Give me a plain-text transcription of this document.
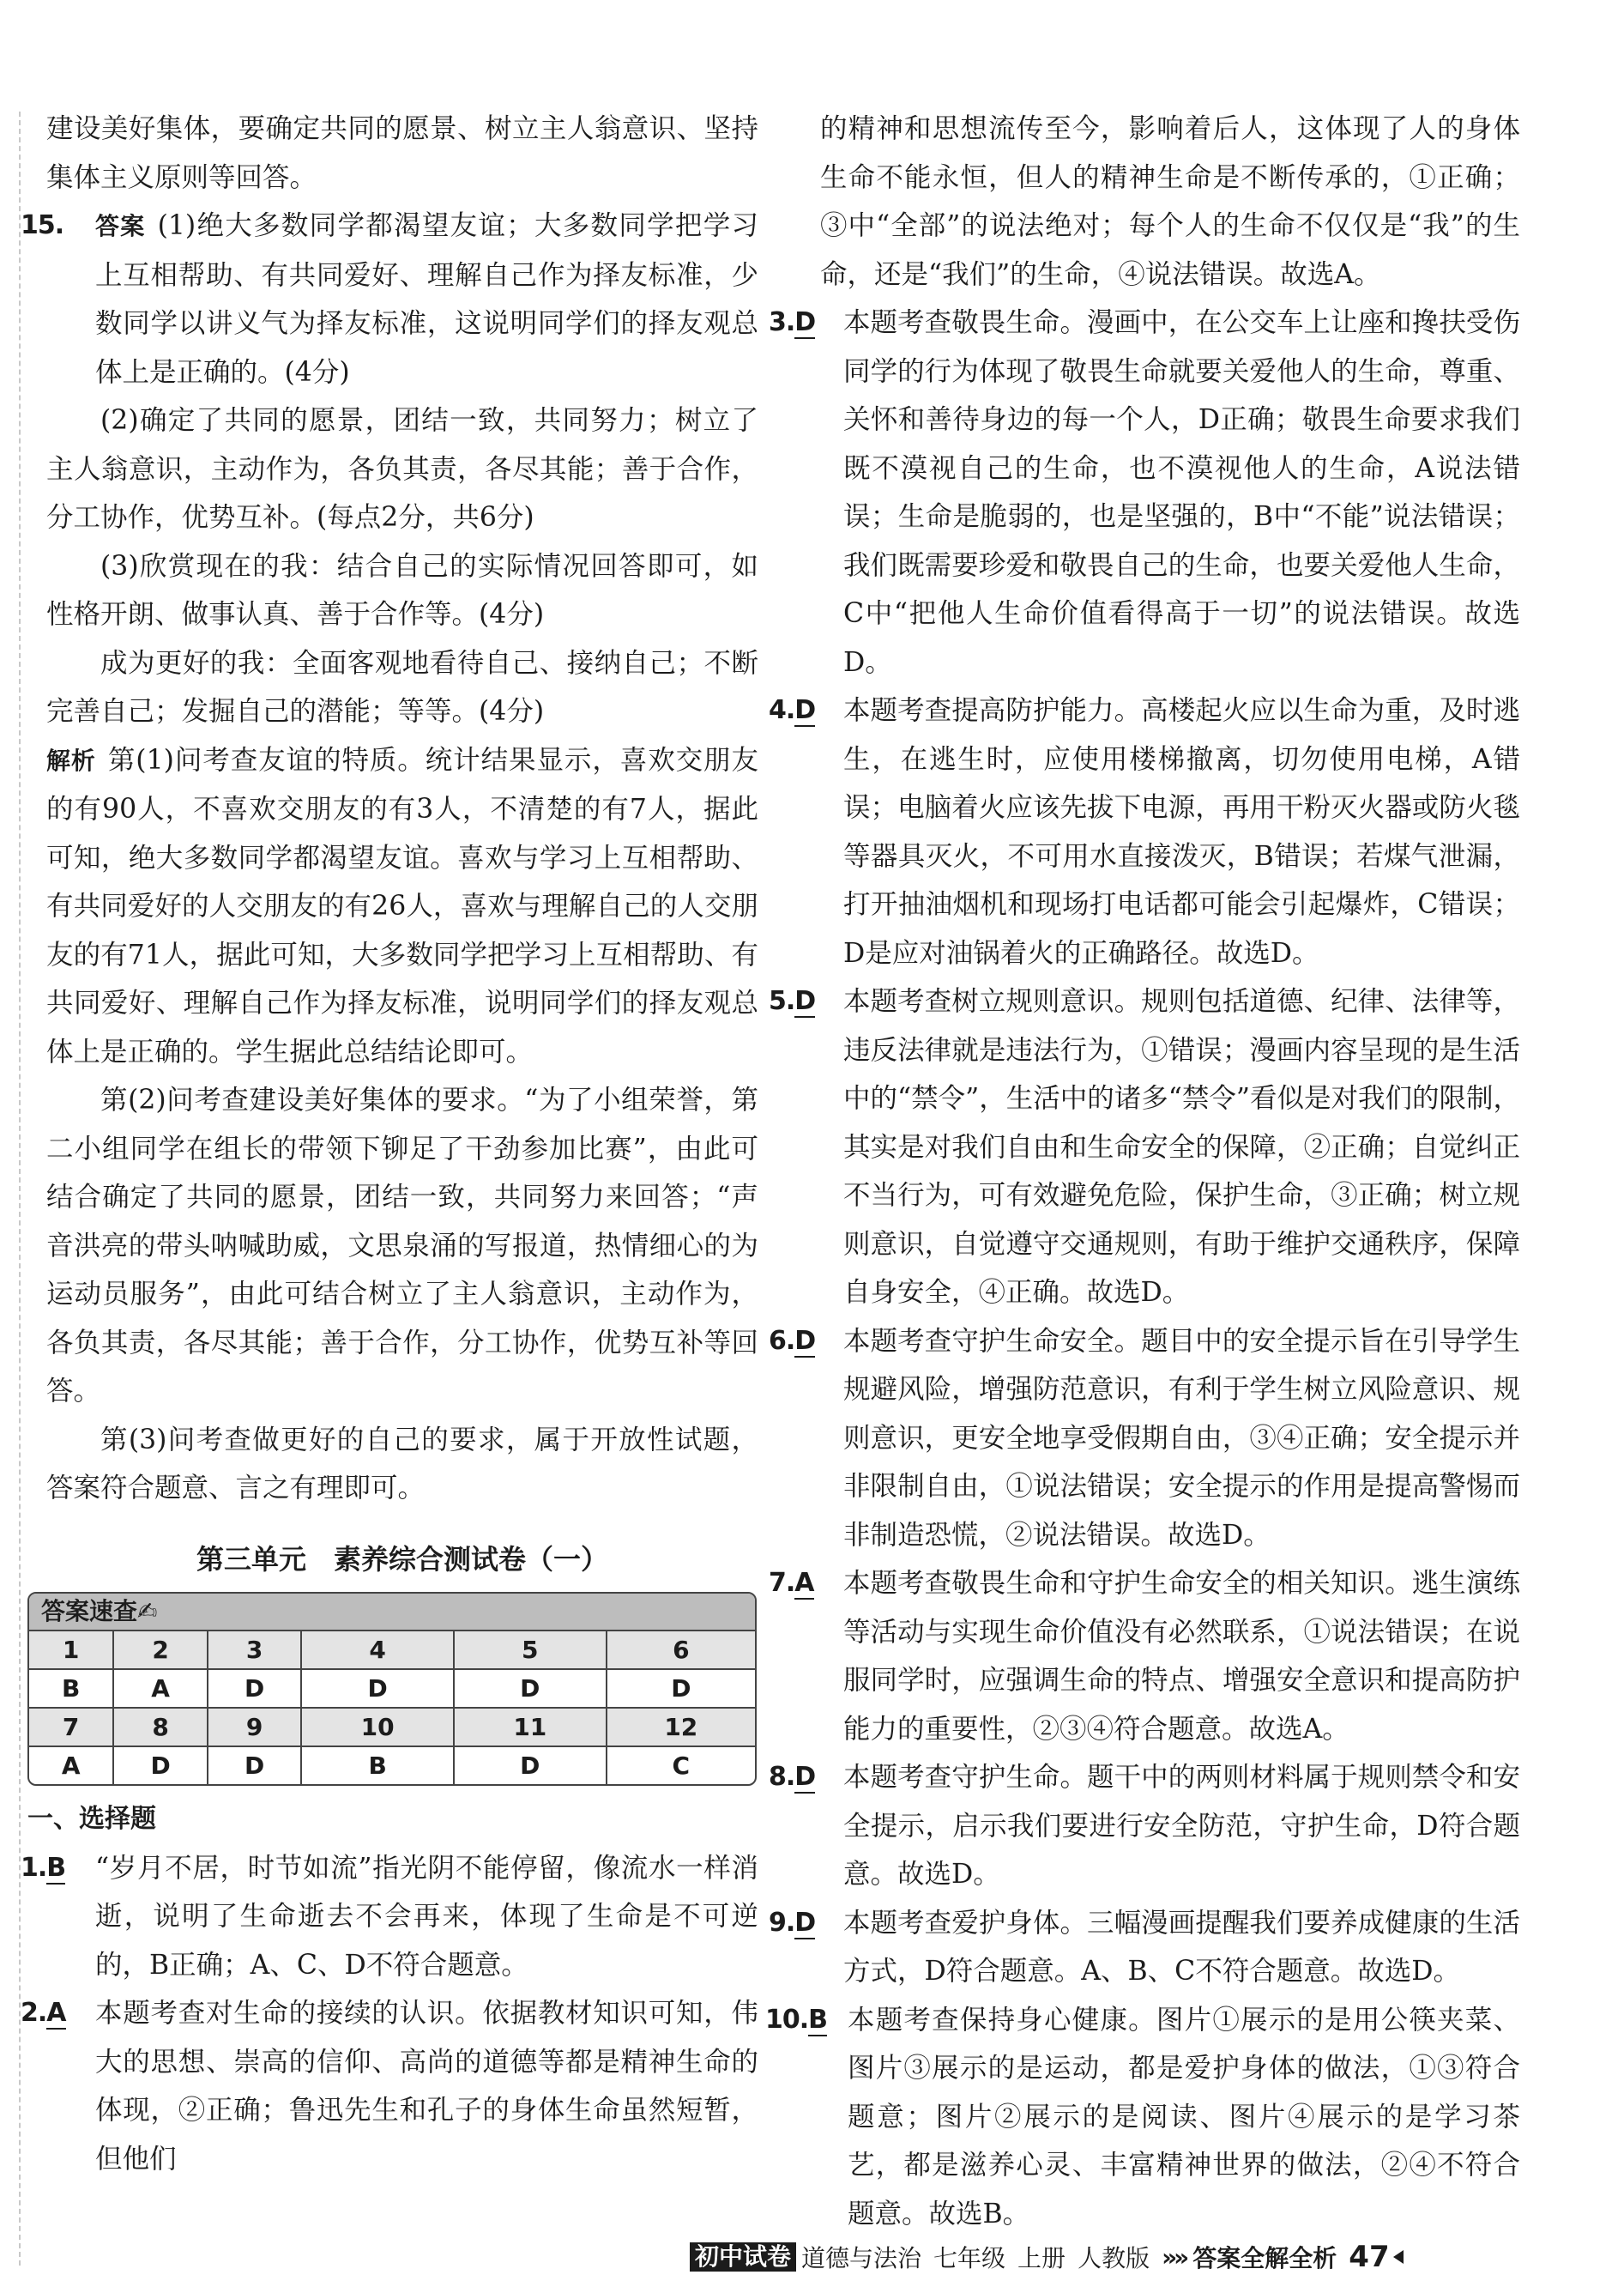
建设美好集体，要确定共同的愿景、树立主人翁意识、坚持集体主义原则等回答。

15. 答案 (1)绝大多数同学都渴望友谊；大多数同学把学习上互相帮助、有共同爱好、理解自己作为择友标准，少数同学以讲义气为择友标准，这说明同学们的择友观总体上是正确的。(4分)

(2)确定了共同的愿景，团结一致，共同努力；树立了主人翁意识，主动作为，各负其责，各尽其能；善于合作，分工协作，优势互补。(每点2分，共6分)

(3)欣赏现在的我：结合自己的实际情况回答即可，如性格开朗、做事认真、善于合作等。(4分)

成为更好的我：全面客观地看待自己、接纳自己；不断完善自己；发掘自己的潜能；等等。(4分)

解析 第(1)问考查友谊的特质。统计结果显示，喜欢交朋友的有90人，不喜欢交朋友的有3人，不清楚的有7人，据此可知，绝大多数同学都渴望友谊。喜欢与学习上互相帮助、有共同爱好的人交朋友的有26人，喜欢与理解自己的人交朋友的有71人，据此可知，大多数同学把学习上互相帮助、有共同爱好、理解自己作为择友标准，说明同学们的择友观总体上是正确的。学生据此总结结论即可。

第(2)问考查建设美好集体的要求。“为了小组荣誉，第二小组同学在组长的带领下铆足了干劲参加比赛”，由此可结合确定了共同的愿景，团结一致，共同努力来回答；“声音洪亮的带头呐喊助威，文思泉涌的写报道，热情细心的为运动员服务”，由此可结合树立了主人翁意识，主动作为，各负其责，各尽其能；善于合作，分工协作，优势互补等回答。

第(3)问考查做更好的自己的要求，属于开放性试题，答案符合题意、言之有理即可。

第三单元　素养综合测试卷（一）
答案速查✍
1	2	3	4	5	6
B	A	D	D	D	D
7	8	9	10	11	12
A	D	D	B	D	C
一、选择题
1.B “岁月不居，时节如流”指光阴不能停留，像流水一样消逝，说明了生命逝去不会再来，体现了生命是不可逆的，B正确；A、C、D不符合题意。
2.A 本题考查对生命的接续的认识。依据教材知识可知，伟大的思想、崇高的信仰、高尚的道德等都是精神生命的体现，②正确；鲁迅先生和孔子的身体生命虽然短暂，但他们

的精神和思想流传至今，影响着后人，这体现了人的身体生命不能永恒，但人的精神生命是不断传承的，①正确；③中“全部”的说法绝对；每个人的生命不仅仅是“我”的生命，还是“我们”的生命，④说法错误。故选A。

3.D 本题考查敬畏生命。漫画中，在公交车上让座和搀扶受伤同学的行为体现了敬畏生命就要关爱他人的生命，尊重、关怀和善待身边的每一个人，D正确；敬畏生命要求我们既不漠视自己的生命，也不漠视他人的生命，A说法错误；生命是脆弱的，也是坚强的，B中“不能”说法错误；我们既需要珍爱和敬畏自己的生命，也要关爱他人生命，C中“把他人生命价值看得高于一切”的说法错误。故选D。
4.D 本题考查提高防护能力。高楼起火应以生命为重，及时逃生，在逃生时，应使用楼梯撤离，切勿使用电梯，A错误；电脑着火应该先拔下电源，再用干粉灭火器或防火毯等器具灭火，不可用水直接泼灭，B错误；若煤气泄漏，打开抽油烟机和现场打电话都可能会引起爆炸，C错误；D是应对油锅着火的正确路径。故选D。
5.D 本题考查树立规则意识。规则包括道德、纪律、法律等，违反法律就是违法行为，①错误；漫画内容呈现的是生活中的“禁令”，生活中的诸多“禁令”看似是对我们的限制，其实是对我们自由和生命安全的保障，②正确；自觉纠正不当行为，可有效避免危险，保护生命，③正确；树立规则意识，自觉遵守交通规则，有助于维护交通秩序，保障自身安全，④正确。故选D。
6.D 本题考查守护生命安全。题目中的安全提示旨在引导学生规避风险，增强防范意识，有利于学生树立风险意识、规则意识，更安全地享受假期自由，③④正确；安全提示并非限制自由，①说法错误；安全提示的作用是提高警惕而非制造恐慌，②说法错误。故选D。
7.A 本题考查敬畏生命和守护生命安全的相关知识。逃生演练等活动与实现生命价值没有必然联系，①说法错误；在说服同学时，应强调生命的特点、增强安全意识和提高防护能力的重要性，②③④符合题意。故选A。
8.D 本题考查守护生命。题干中的两则材料属于规则禁令和安全提示，启示我们要进行安全防范，守护生命，D符合题意。故选D。
9.D 本题考查爱护身体。三幅漫画提醒我们要养成健康的生活方式，D符合题意。A、B、C不符合题意。故选D。
10.B 本题考查保持身心健康。图片①展示的是用公筷夹菜、图片③展示的是运动，都是爱护身体的做法，①③符合题意；图片②展示的是阅读、图片④展示的是学习茶艺，都是滋养心灵、丰富精神世界的做法，②④不符合题意。故选B。
初中试卷 道德与法治 七年级 上册 人教版 »» 答案全解全析 47
